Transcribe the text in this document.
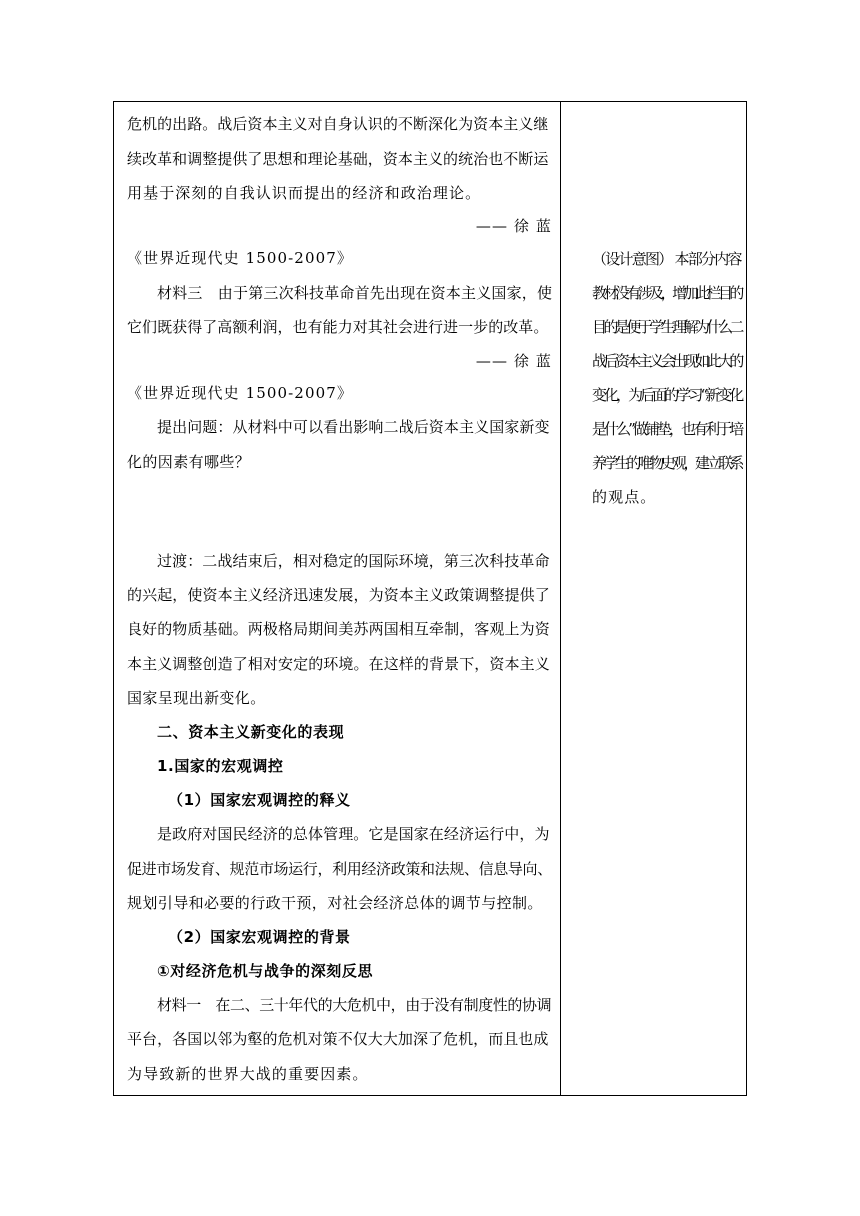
危机的出路。战后资本主义对自身认识的不断深化为资本主义继
续改革和调整提供了思想和理论基础，资本主义的统治也不断运
用基于深刻的自我认识而提出的经济和政治理论。
—— 徐 蓝
《世界近现代史 1500-2007》
材料三　由于第三次科技革命首先出现在资本主义国家，使
它们既获得了高额利润，也有能力对其社会进行进一步的改革。
—— 徐 蓝
《世界近现代史 1500-2007》
提出问题：从材料中可以看出影响二战后资本主义国家新变
化的因素有哪些？
过渡：二战结束后，相对稳定的国际环境，第三次科技革命
的兴起，使资本主义经济迅速发展，为资本主义政策调整提供了
良好的物质基础。两极格局期间美苏两国相互牵制，客观上为资
本主义调整创造了相对安定的环境。在这样的背景下，资本主义
国家呈现出新变化。
二、资本主义新变化的表现
1.国家的宏观调控
（1）国家宏观调控的释义
是政府对国民经济的总体管理。它是国家在经济运行中，为
促进市场发育、规范市场运行，利用经济政策和法规、信息导向、
规划引导和必要的行政干预，对社会经济总体的调节与控制。
（2）国家宏观调控的背景
①对经济危机与战争的深刻反思
材料一　在二、三十年代的大危机中，由于没有制度性的协调
平台，各国以邻为壑的危机对策不仅大大加深了危机，而且也成
为导致新的世界大战的重要因素。
（设计意图） 本部分内容
教材没有涉及，增加此栏目的
目的是便于学生理解为什么二
战后资本主义会出现如此大的
变化，为后面的学习“新变化
是什么”做铺垫，也有利于培
养学生的唯物史观，建立联系
的观点。
